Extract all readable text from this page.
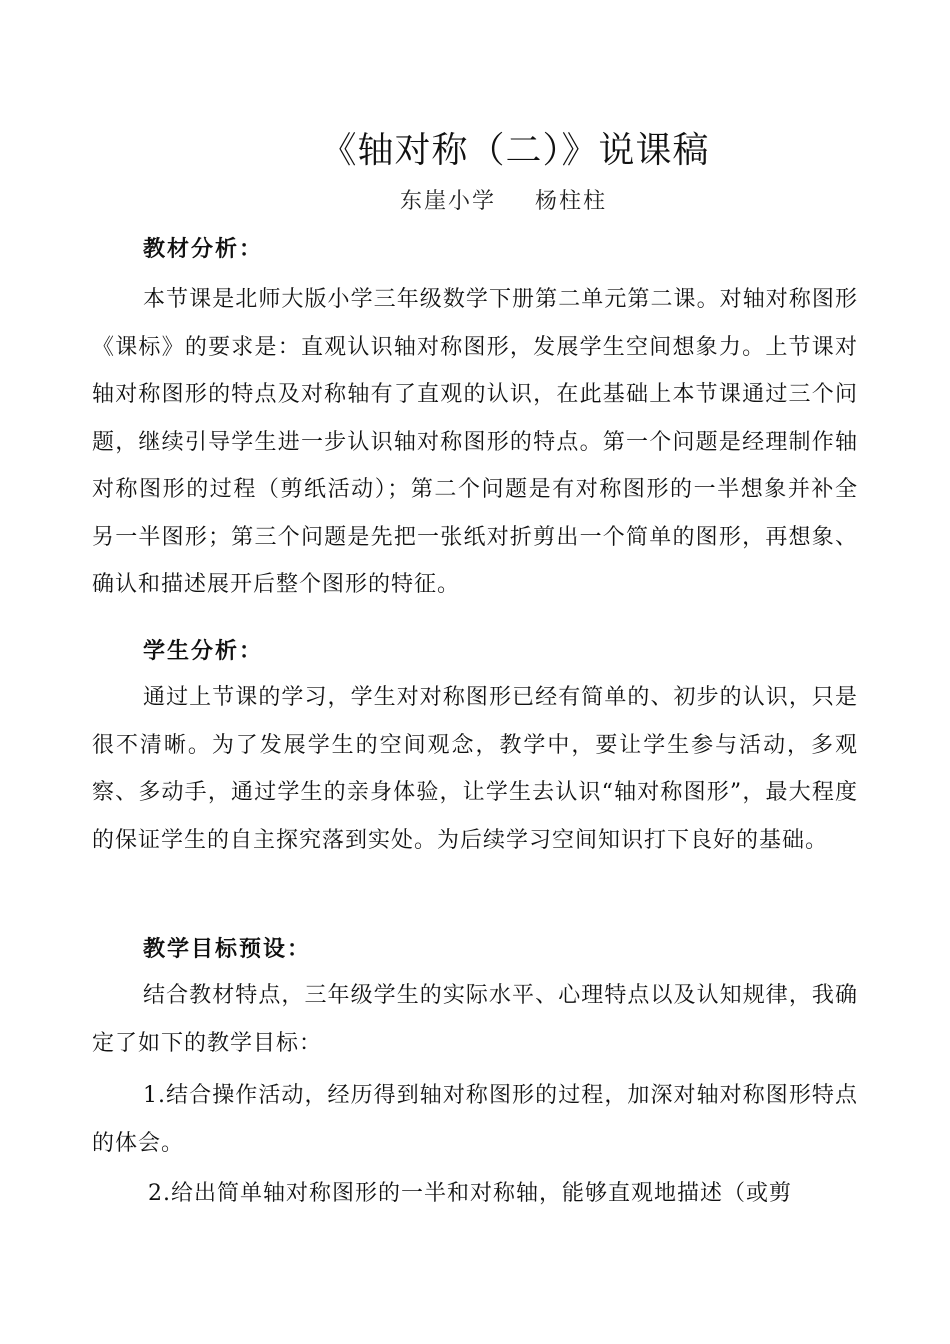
《轴对称（二）》说课稿
东崖小学 杨柱柱
教材分析：
本节课是北师大版小学三年级数学下册第二单元第二课。对轴对称图形《课标》的要求是：直观认识轴对称图形，发展学生空间想象力。上节课对轴对称图形的特点及对称轴有了直观的认识，在此基础上本节课通过三个问题，继续引导学生进一步认识轴对称图形的特点。第一个问题是经理制作轴对称图形的过程（剪纸活动）；第二个问题是有对称图形的一半想象并补全另一半图形；第三个问题是先把一张纸对折剪出一个简单的图形，再想象、确认和描述展开后整个图形的特征。
学生分析：
通过上节课的学习，学生对对称图形已经有简单的、初步的认识，只是很不清晰。为了发展学生的空间观念，教学中，要让学生参与活动，多观察、多动手，通过学生的亲身体验，让学生去认识“轴对称图形”，最大程度的保证学生的自主探究落到实处。为后续学习空间知识打下良好的基础。
教学目标预设：
结合教材特点，三年级学生的实际水平、心理特点以及认知规律，我确定了如下的教学目标：
1.结合操作活动，经历得到轴对称图形的过程，加深对轴对称图形特点的体会。
2.给出简单轴对称图形的一半和对称轴，能够直观地描述（或剪
